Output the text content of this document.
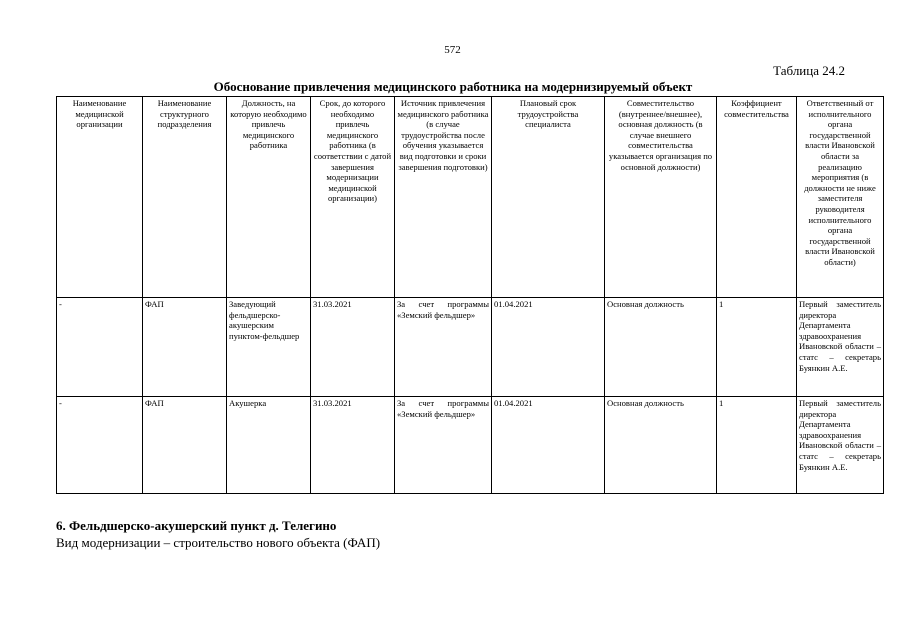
572
Таблица 24.2
Обоснование привлечения медицинского работника на модернизируемый объект
Наименование медицинской организации	Наименование структурного подразделения	Должность, на которую необходимо привлечь медицинского работника	Срок, до которого необходимо привлечь медицинского работника (в соответствии с датой завершения модернизации медицинской организации)	Источник привлечения медицинского работника (в случае трудоустройства после обучения указывается вид подготовки и сроки завершения подготовки)	Плановый срок трудоустройства специалиста	Совместительство (внутреннее/внешнее), основная должность (в случае внешнего совместительства указывается организация по основной должности)	Коэффициент совместительства	Ответственный от исполнительного органа государственной власти Ивановской области за реализацию мероприятия (в должности не ниже заместителя руководителя исполнительного органа государственной власти Ивановской области)
-	ФАП	Заведующий фельдшерско-акушерским пунктом-фельдшер	31.03.2021	За счет программы «Земский фельдшер»	01.04.2021	Основная должность	1	Первый заместитель директора Департамента здравоохранения Ивановской области – статс – секретарь Буянкин А.Е.
-	ФАП	Акушерка	31.03.2021	За счет программы «Земский фельдшер»	01.04.2021	Основная должность	1	Первый заместитель директора Департамента здравоохранения Ивановской области – статс – секретарь Буянкин А.Е.
6. Фельдшерско-акушерский пункт д. Телегино
Вид модернизации – строительство нового объекта (ФАП)
